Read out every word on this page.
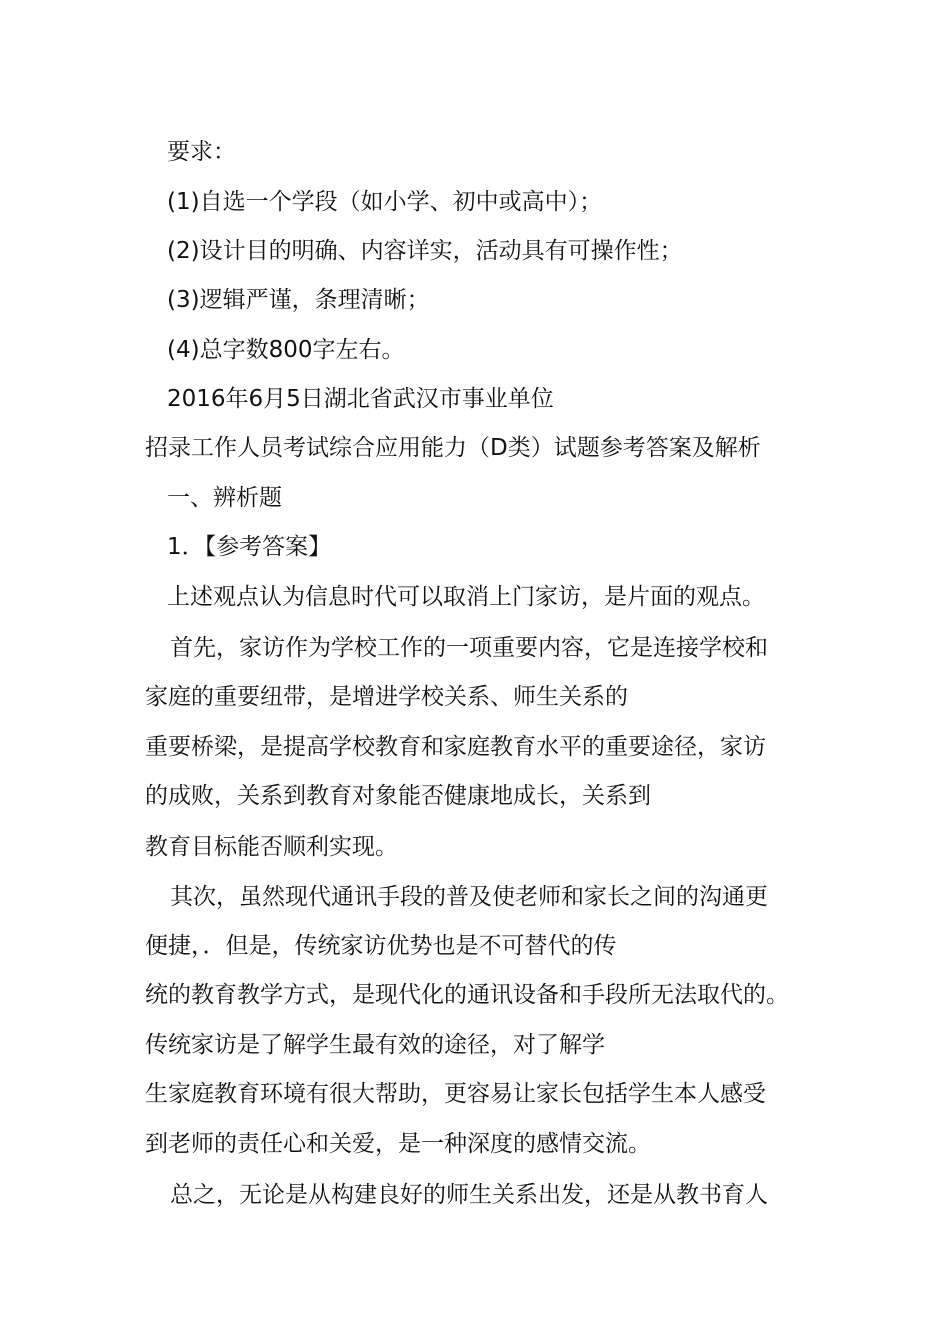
要求：
(1)自选一个学段（如小学、初中或高中）；
(2)设计目的明确、内容详实，活动具有可操作性；
(3)逻辑严谨，条理清晰；
(4)总字数800字左右。
2016年6月5日湖北省武汉市事业单位
招录工作人员考试综合应用能力（D类）试题参考答案及解析
一、辨析题
1．【参考答案】
上述观点认为信息时代可以取消上门家访，是片面的观点。
首先，家访作为学校工作的一项重要内容，它是连接学校和
家庭的重要纽带，是增进学校关系、师生关系的
重要桥梁，是提高学校教育和家庭教育水平的重要途径，家访
的成败，关系到教育对象能否健康地成长，关系到
教育目标能否顺利实现。
其次，虽然现代通讯手段的普及使老师和家长之间的沟通更
便捷，．但是，传统家访优势也是不可替代的传
统的教育教学方式，是现代化的通讯设备和手段所无法取代的。
传统家访是了解学生最有效的途径，对了解学
生家庭教育环境有很大帮助，更容易让家长包括学生本人感受
到老师的责任心和关爱，是一种深度的感情交流。
总之，无论是从构建良好的师生关系出发，还是从教书育人
